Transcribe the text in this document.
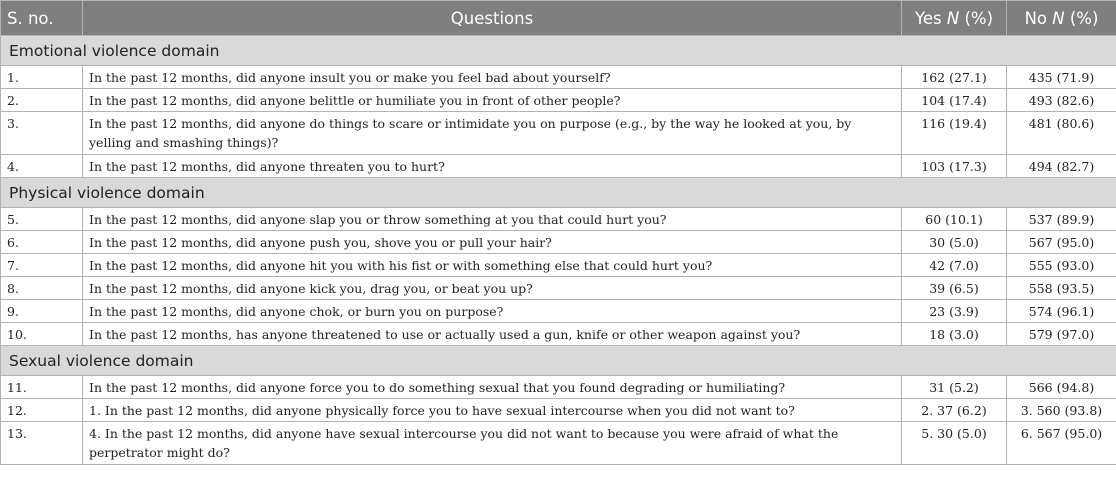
S. no.	Questions	Yes N (%)	No N (%)
Emotional violence domain			
1.	In the past 12 months, did anyone insult you or make you feel bad about yourself?	162 (27.1)	435 (71.9)
2.	In the past 12 months, did anyone belittle or humiliate you in front of other people?	104 (17.4)	493 (82.6)
3.	In the past 12 months, did anyone do things to scare or intimidate you on purpose (e.g., by the way he looked at you, by yelling and smashing things)?	116 (19.4)	481 (80.6)
4.	In the past 12 months, did anyone threaten you to hurt?	103 (17.3)	494 (82.7)
Physical violence domain			
5.	In the past 12 months, did anyone slap you or throw something at you that could hurt you?	60 (10.1)	537 (89.9)
6.	In the past 12 months, did anyone push you, shove you or pull your hair?	30 (5.0)	567 (95.0)
7.	In the past 12 months, did anyone hit you with his fist or with something else that could hurt you?	42 (7.0)	555 (93.0)
8.	In the past 12 months, did anyone kick you, drag you, or beat you up?	39 (6.5)	558 (93.5)
9.	In the past 12 months, did anyone chok, or burn you on purpose?	23 (3.9)	574 (96.1)
10.	In the past 12 months, has anyone threatened to use or actually used a gun, knife or other weapon against you?	18 (3.0)	579 (97.0)
Sexual violence domain			
11.	In the past 12 months, did anyone force you to do something sexual that you found degrading or humiliating?	31 (5.2)	566 (94.8)
12.	1. In the past 12 months, did anyone physically force you to have sexual intercourse when you did not want to?	2. 37 (6.2)	3. 560 (93.8)
13.	4. In the past 12 months, did anyone have sexual intercourse you did not want to because you were afraid of what the perpetrator might do?	5. 30 (5.0)	6. 567 (95.0)
